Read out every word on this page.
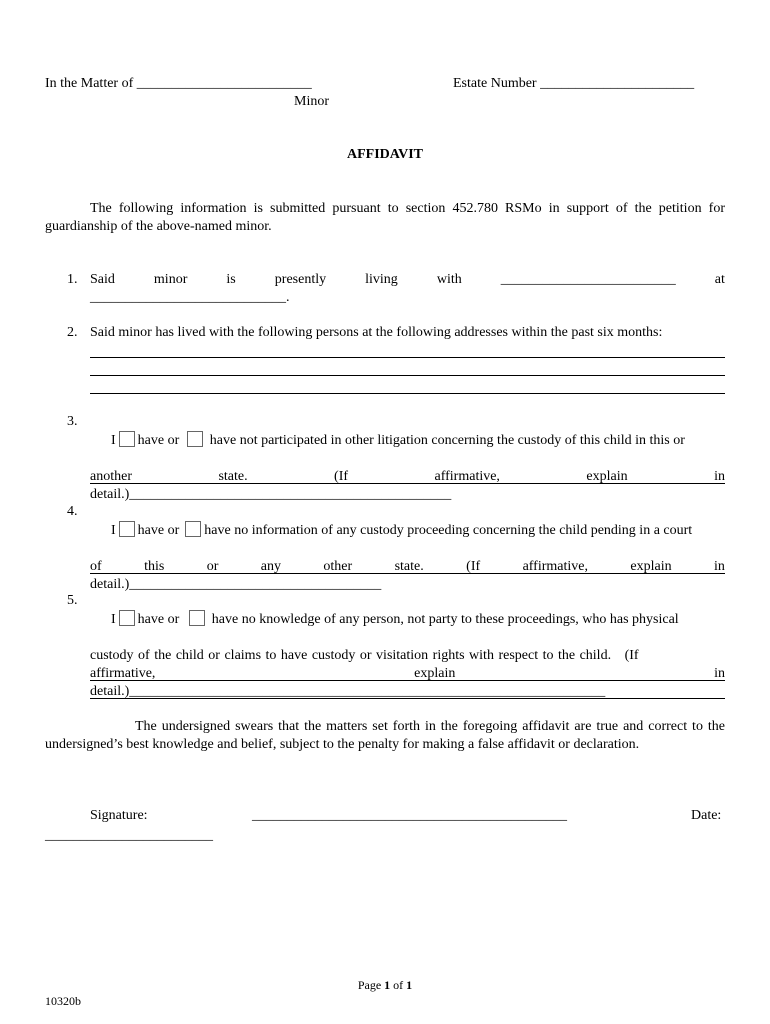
In the Matter of _________________________
Minor
Estate Number ______________________
AFFIDAVIT
The following information is submitted pursuant to section 452.780 RSMo in support of the petition for guardianship of the above-named minor.
1. Said	minor	is	presently	living	with	_________________________	at
____________________________.
2. Said minor has lived with the following persons at the following addresses within the past six months:
3.

I have or have not participated in other litigation concerning the custody of this child in this or

another	state.	(If	affirmative,	explain	in
detail.)______________________________________________
4.

I have or have no information of any custody proceeding concerning the child pending in a court

of	this	or	any	other	state.	(If	affirmative,	explain	in
detail.)____________________________________
5.

I have or have no knowledge of any person, not party to these proceedings, who has physical

custody of the child or claims to have custody or visitation rights with respect to the child.   (If
affirmative,	explain	in
detail.)____________________________________________________________________
The undersigned swears that the matters set forth in the foregoing affidavit are true and correct to the undersigned’s best knowledge and belief, subject to the penalty for making a false affidavit or declaration.
Signature:	_____________________________________________	Date:
________________________
Page 1 of 1
10320b
